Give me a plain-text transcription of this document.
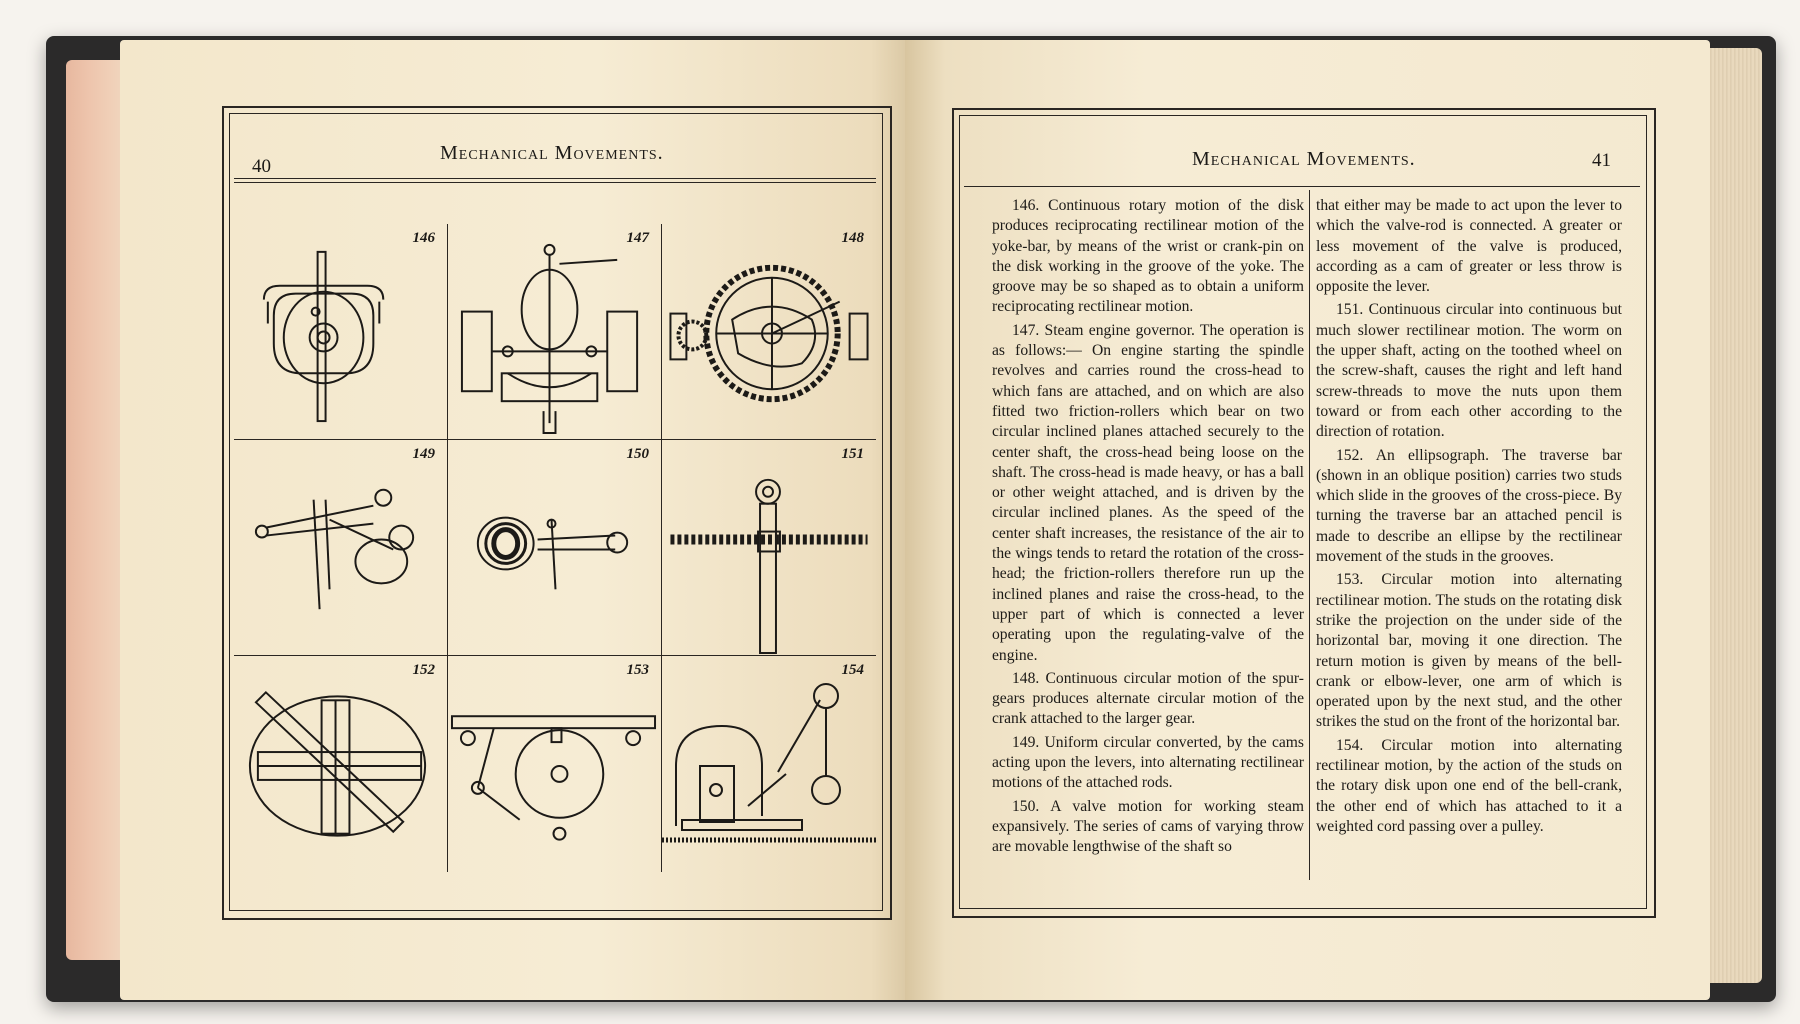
40
Mechanical Movements.
146	147	148
149	150	151
152	153	154
Mechanical Movements.	41

146. Continuous rotary motion of the disk produces reciprocating rectilinear motion of the yoke-bar, by means of the wrist or crank-pin on the disk working in the groove of the yoke. The groove may be so shaped as to obtain a uniform reciprocating rectilinear motion.

147. Steam engine governor. The operation is as follows:— On engine starting the spindle revolves and carries round the cross-head to which fans are attached, and on which are also fitted two friction-rollers which bear on two circular inclined planes attached securely to the center shaft, the cross-head being loose on the shaft. The cross-head is made heavy, or has a ball or other weight attached, and is driven by the circular inclined planes. As the speed of the center shaft increases, the resistance of the air to the wings tends to retard the rotation of the cross-head; the friction-rollers therefore run up the inclined planes and raise the cross-head, to the upper part of which is connected a lever operating upon the regulating-valve of the engine.

148. Continuous circular motion of the spur-gears produces alternate circular motion of the crank attached to the larger gear.

149. Uniform circular converted, by the cams acting upon the levers, into alternating rectilinear motions of the attached rods.

150. A valve motion for working steam expansively. The series of cams of varying throw are movable lengthwise of the shaft so

that either may be made to act upon the lever to which the valve-rod is connected. A greater or less movement of the valve is produced, according as a cam of greater or less throw is opposite the lever.

151. Continuous circular into continuous but much slower rectilinear motion. The worm on the upper shaft, acting on the toothed wheel on the screw-shaft, causes the right and left hand screw-threads to move the nuts upon them toward or from each other according to the direction of rotation.

152. An ellipsograph. The traverse bar (shown in an oblique position) carries two studs which slide in the grooves of the cross-piece. By turning the traverse bar an attached pencil is made to describe an ellipse by the rectilinear movement of the studs in the grooves.

153. Circular motion into alternating rectilinear motion. The studs on the rotating disk strike the projection on the under side of the horizontal bar, moving it one direction. The return motion is given by means of the bell-crank or elbow-lever, one arm of which is operated upon by the next stud, and the other strikes the stud on the front of the horizontal bar.

154. Circular motion into alternating rectilinear motion, by the action of the studs on the rotary disk upon one end of the bell-crank, the other end of which has attached to it a weighted cord passing over a pulley.
